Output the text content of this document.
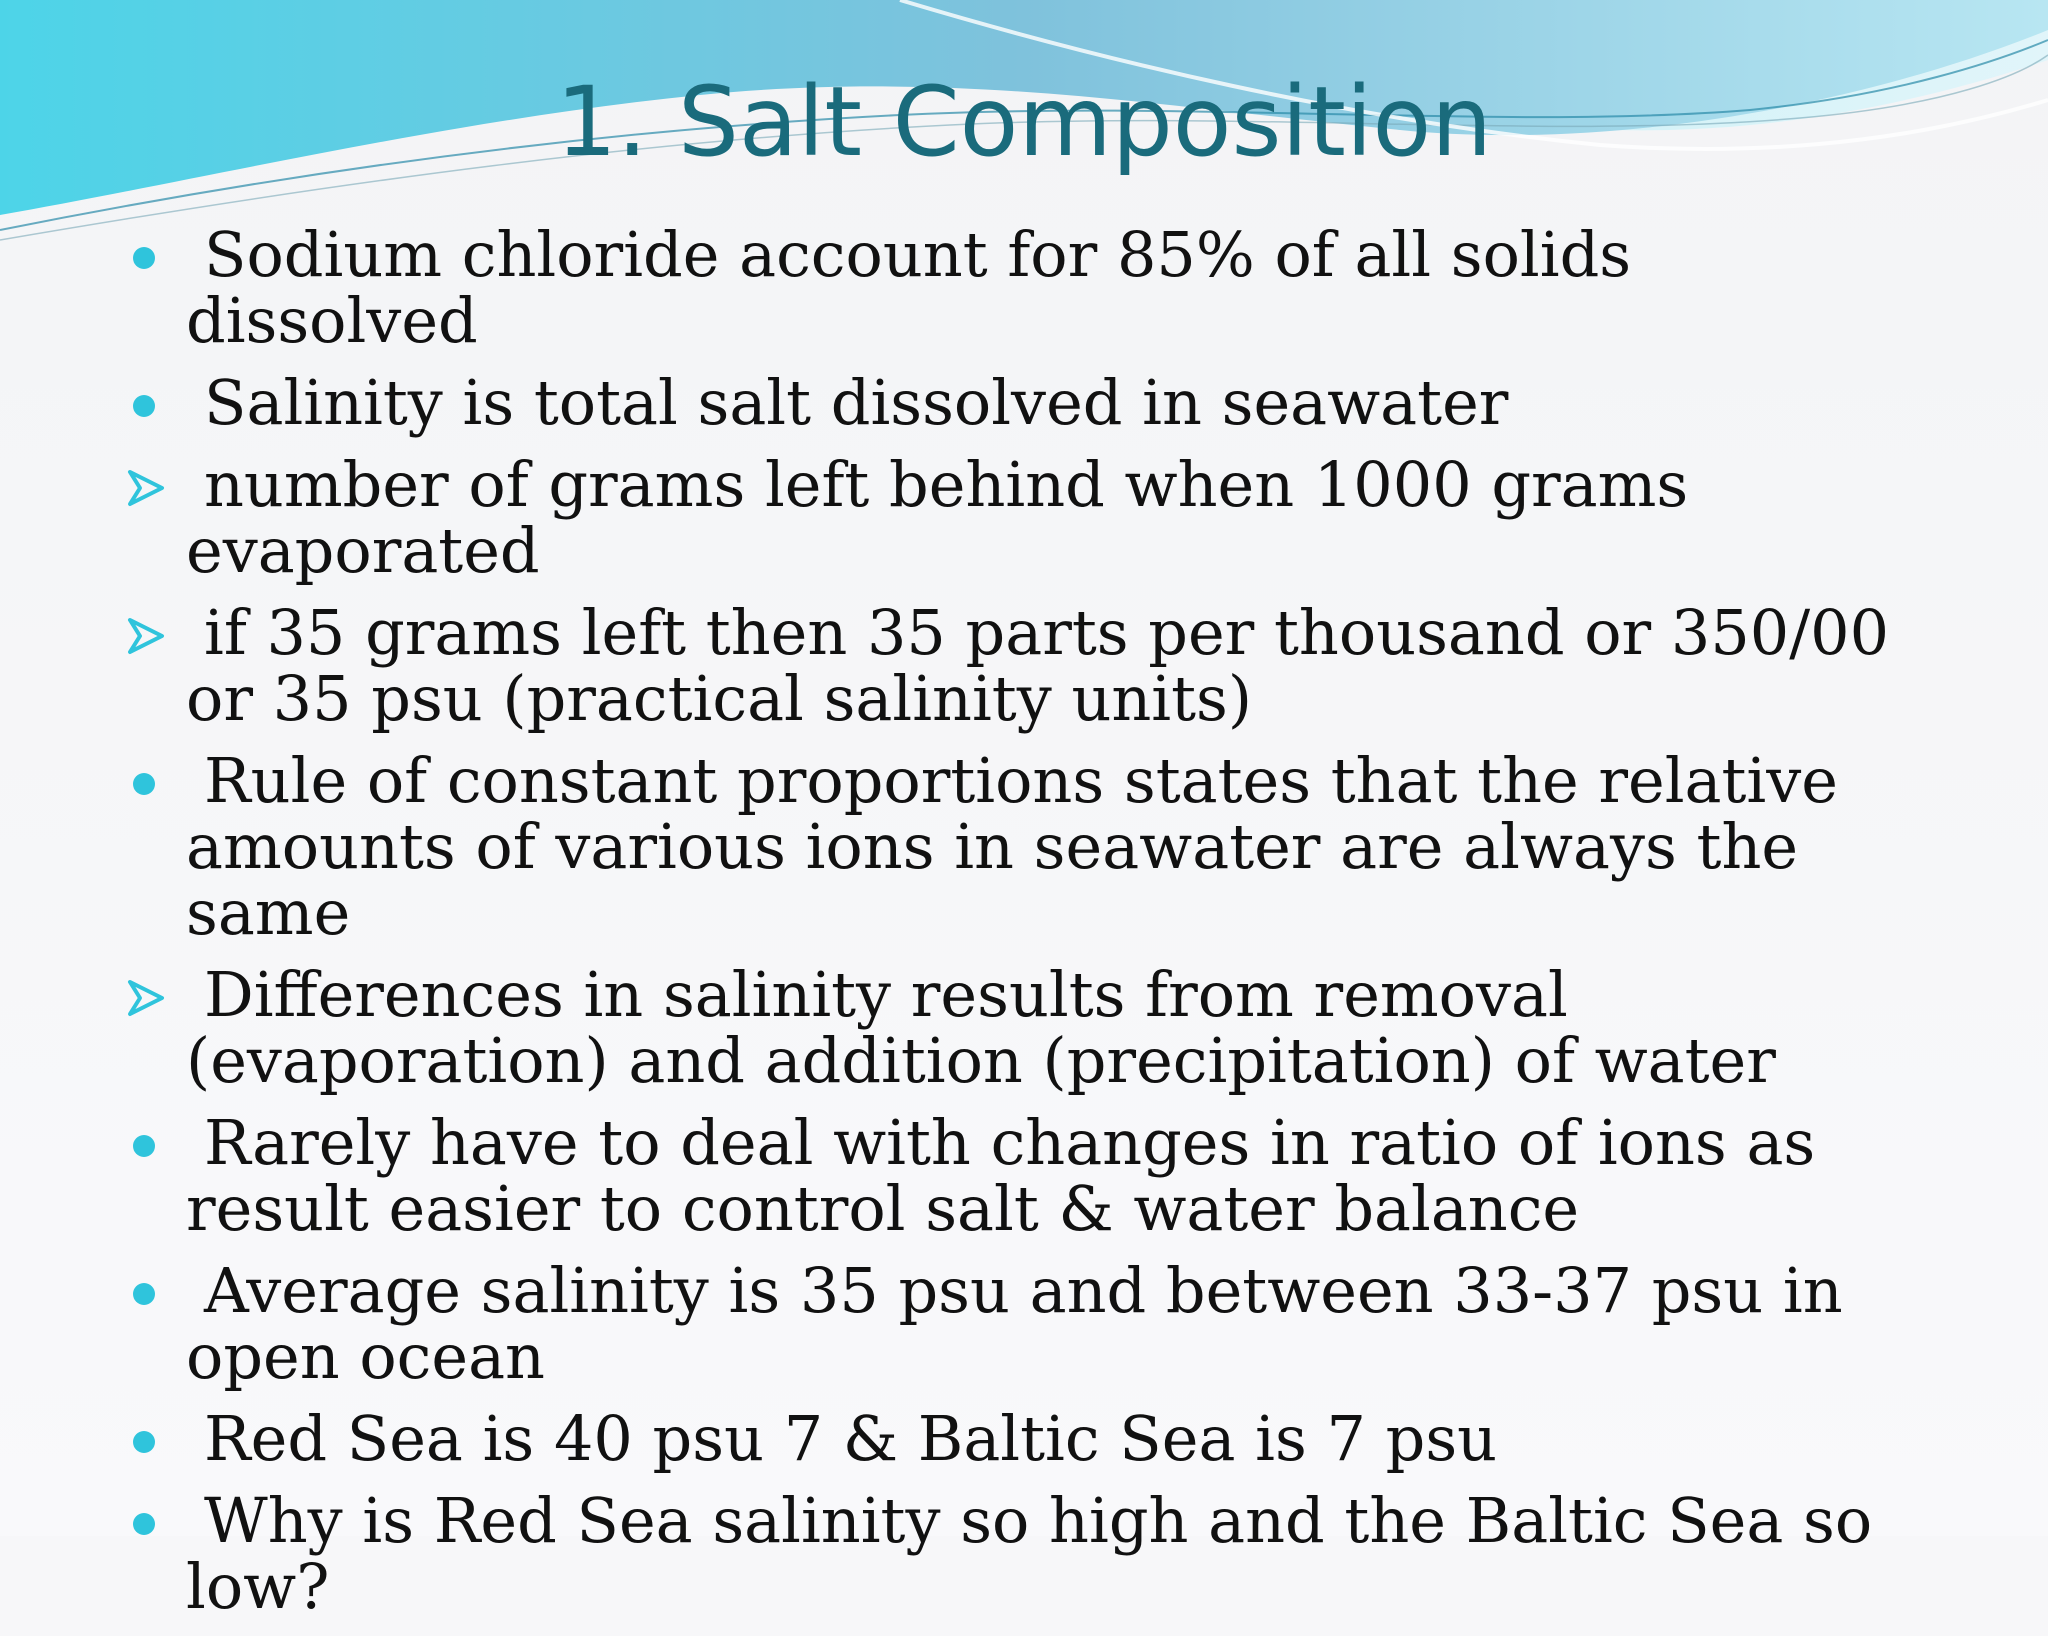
1. Salt Composition
Sodium chloride account for 85% of all solids dissolved
Salinity is total salt dissolved in seawater
number of grams left behind when 1000 grams evaporated
if 35 grams left then 35 parts per thousand or 350/00 or 35 psu (practical salinity units)
Rule of constant proportions states that the relative amounts of various ions in seawater are always the same
Differences in salinity results from removal (evaporation) and addition (precipitation) of water
Rarely have to deal with changes in ratio of ions as result easier to control salt & water balance
Average salinity is 35 psu and between 33-37 psu in open ocean
Red Sea is 40 psu 7 & Baltic Sea is 7 psu
Why is Red Sea salinity so high and the Baltic Sea so low?
